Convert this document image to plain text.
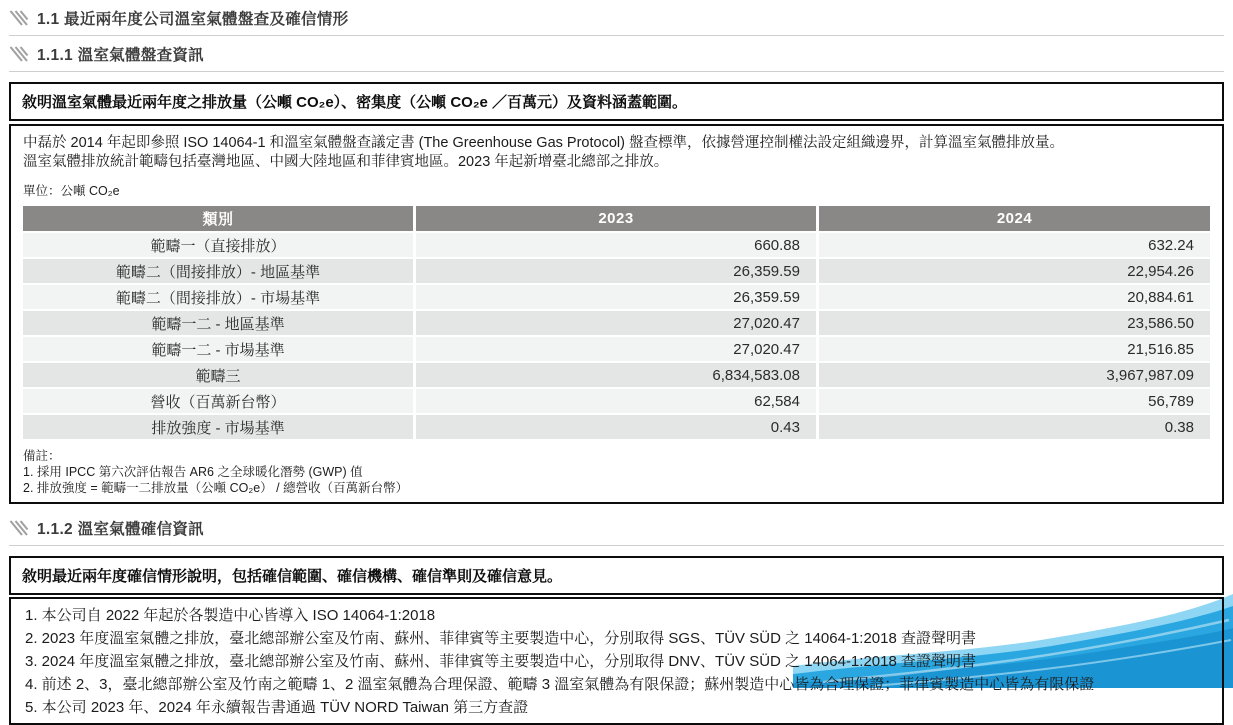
1.1 最近兩年度公司溫室氣體盤查及確信情形
1.1.1 溫室氣體盤查資訊
敘明溫室氣體最近兩年度之排放量（公噸 CO₂e）、密集度（公噸 CO₂e ／百萬元）及資料涵蓋範圍。

中磊於 2014 年起即參照 ISO 14064-1 和溫室氣體盤查議定書 (The Greenhouse Gas Protocol) 盤查標準，依據營運控制權法設定組織邊界，計算溫室氣體排放量。

溫室氣體排放統計範疇包括臺灣地區、中國大陸地區和菲律賓地區。2023 年起新增臺北總部之排放。

單位：公噸 CO₂e
類別	2023	2024
範疇一（直接排放）	660.88	632.24
範疇二（間接排放）- 地區基準	26,359.59	22,954.26
範疇二（間接排放）- 市場基準	26,359.59	20,884.61
範疇一二 - 地區基準	27,020.47	23,586.50
範疇一二 - 市場基準	27,020.47	21,516.85
範疇三	6,834,583.08	3,967,987.09
營收（百萬新台幣）	62,584	56,789
排放強度 - 市場基準	0.43	0.38
備註：
1. 採用 IPCC 第六次評估報告 AR6 之全球暖化潛勢 (GWP) 值
2. 排放強度 = 範疇一二排放量（公噸 CO₂e） / 總營收（百萬新台幣）
1.1.2 溫室氣體確信資訊
敘明最近兩年度確信情形說明，包括確信範圍、確信機構、確信準則及確信意見。
1. 本公司自 2022 年起於各製造中心皆導入 ISO 14064-1:2018
2. 2023 年度溫室氣體之排放，臺北總部辦公室及竹南、蘇州、菲律賓等主要製造中心，分別取得 SGS、TÜV SÜD 之 14064-1:2018 查證聲明書
3. 2024 年度溫室氣體之排放，臺北總部辦公室及竹南、蘇州、菲律賓等主要製造中心，分別取得 DNV、TÜV SÜD 之 14064-1:2018 查證聲明書
4. 前述 2、3，臺北總部辦公室及竹南之範疇 1、2 溫室氣體為合理保證、範疇 3 溫室氣體為有限保證；蘇州製造中心皆為合理保證；菲律賓製造中心皆為有限保證
5. 本公司 2023 年、2024 年永續報告書通過 TÜV NORD Taiwan 第三方查證
